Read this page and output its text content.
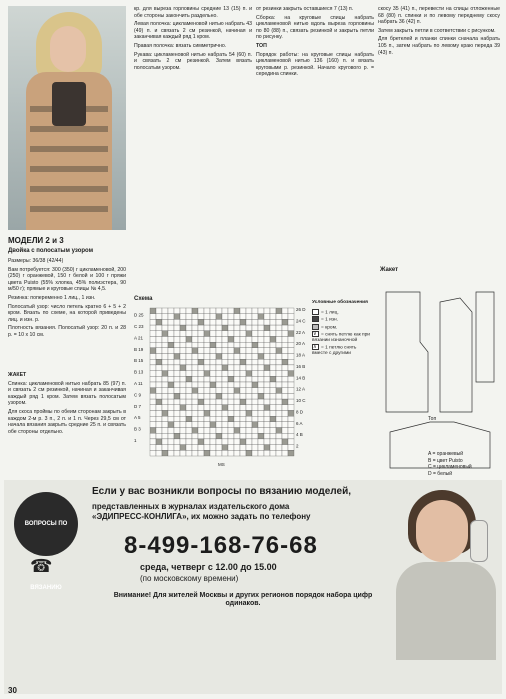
МОДЕЛИ 2 и 3
Двойка с полосатым узором

Размеры: 36/38 (42/44)

Вам потребуется: 300 (350) г цикламеновой, 200 (250) г оранжевой, 150 г белой и 100 г пряжи цвета Puisto (55% хлопка, 45% полиэстера, 90 м/50 г); прямые и круговые спицы № 4,5.

Резинка: попеременно 1 лиц., 1 изн.

Полосатый узор: число петель кратно 6 + 5 + 2 кром. Вязать по схеме, на которой приведены лиц. и изн. р.

Плотность вязания. Полосатый узор: 20 п. и 28 р. = 10 х 10 см.

ЖАКЕТ

Спинка: цикламеновой нитью набрать 85 (97) п. и связать 2 см резинкой, начиная и заканчивая каждый ряд 1 кром. Затем вязать полосатым узором.

Для скоса проймы по обеим сторонам закрыть в каждом 2-м р. 3 п., 2 п. и 1 п. Через 29,5 см от начала вязания закрыть средние 25 п. и связать обе стороны отдельно.

кр. для выреза горловины средние 13 (15) п. и обе стороны закончить раздельно.

Левая полочка: цикламеновой нитью набрать 43 (49) п. и связать 2 см резинкой, начиная и заканчивая каждый ряд 1 кром.

Правая полочка: вязать симметрично.

Рукава: цикламеновой нитью набрать 54 (60) п. и связать 2 см резинкой. Затем вязать полосатым узором.

от резинки закрыть оставшиеся 7 (13) п.

Сборка: на круговые спицы набрать цикламеновой нитью вдоль выреза горловины по 80 (88) п., связать резинкой и закрыть петли по рисунку.

ТОП

Порядок работы: на круговые спицы набрать цикламеновой нитью 136 (160) п. и вязать круговыми р. резинкой. Начало кругового р. = середина спинки.

скосу 35 (41) п., перевести на спицы отложенные 68 (80) п. спинки и по левому переднему скосу набрать 36 (42) п.

Затем закрыть петли в соответствии с рисунком.

Для бретелей и планки спинки сначала набрать 105 п., затем набрать по левому краю переда 39 (43) п.

Схема
D 25
C 23
A 21
B 19
B 15
B 13
A 11
C 9
D 7
A 5
B 3
1
26 D
24 C
22 A
20 A
18 A
16 B
14 B
12 A
10 C
8 D
6 A
4 B
2
MS
Условные обозначения
= 1 лиц.
= 1 изн.
= кром.
∨ = снять петлю как при вязании изнаночной
∧ = 1 петлю снять вместе с другими
Жакет
Топ
A = оранжевый
B = цвет Puisto
C = цикламеновый
D = белый
ВОПРОСЫ ПО ВЯЗАНИЮ
☎
Если у вас возникли вопросы по вязанию моделей,
представленных в журналах издательского дома
«ЭДИПРЕСС-КОНЛИГА», их можно задать по телефону
8-499-168-76-68
среда, четверг с 12.00 до 15.00
(по московскому времени)
Внимание! Для жителей Москвы и других регионов порядок набора цифр одинаков.
30
